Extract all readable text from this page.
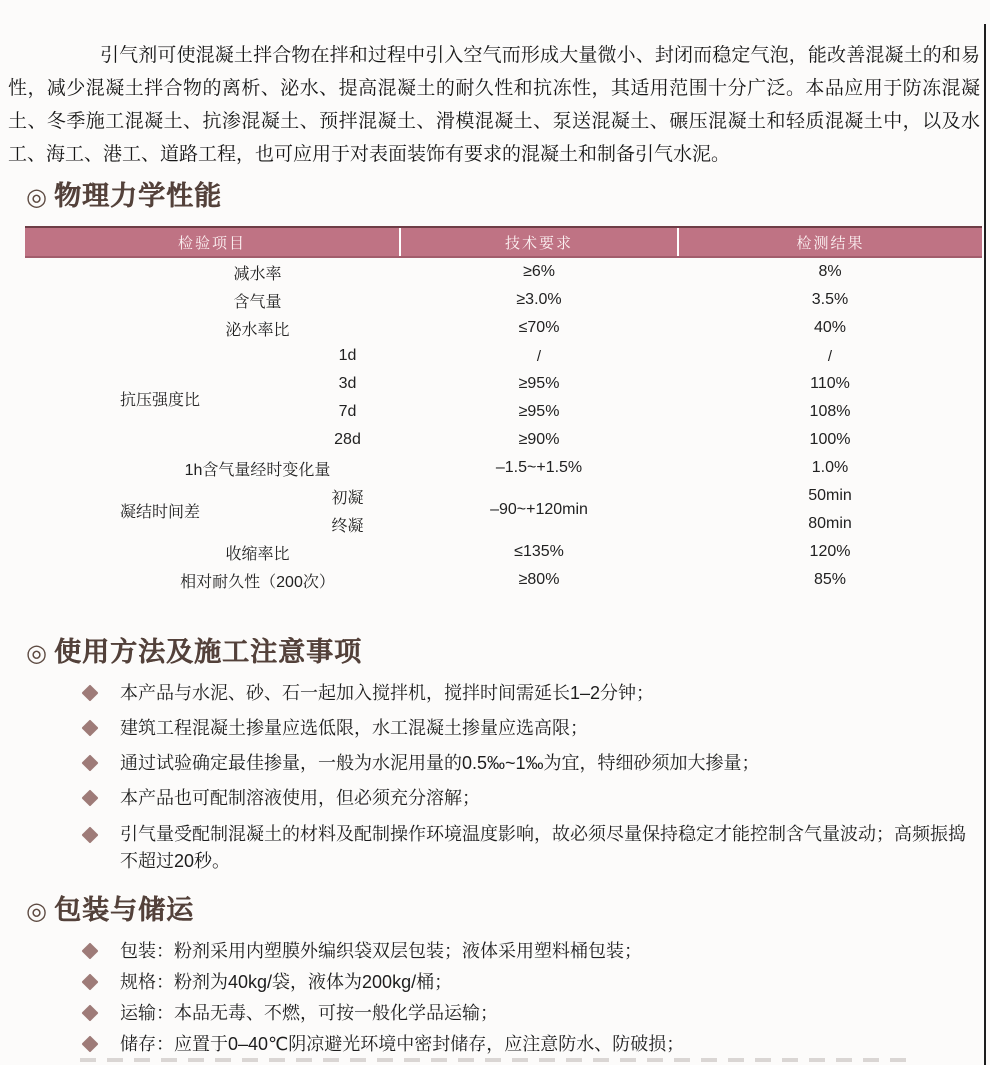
引气剂可使混凝土拌合物在拌和过程中引入空气而形成大量微小、封闭而稳定气泡，能改善混凝土的和易性，减少混凝土拌合物的离析、泌水、提高混凝土的耐久性和抗冻性，其适用范围十分广泛。本品应用于防冻混凝土、冬季施工混凝土、抗渗混凝土、预拌混凝土、滑模混凝土、泵送混凝土、碾压混凝土和轻质混凝土中，以及水工、海工、港工、道路工程，也可应用于对表面装饰有要求的混凝土和制备引气水泥。

◎ 物理力学性能
检验项目		技术要求	检测结果
减水率		≥6%	8%
含气量		≥3.0%	3.5%
泌水率比		≤70%	40%
抗压强度比	1d	/	/
	3d	≥95%	110%
	7d	≥95%	108%
	28d	≥90%	100%
1h含气量经时变化量		–1.5~+1.5%	1.0%
凝结时间差	初凝	–90~+120min	50min
	终凝		80min
收缩率比		≤135%	120%
相对耐久性（200次）		≥80%	85%
◎ 使用方法及施工注意事项
本产品与水泥、砂、石一起加入搅拌机，搅拌时间需延长1–2分钟；
建筑工程混凝土掺量应选低限，水工混凝土掺量应选高限；
通过试验确定最佳掺量，一般为水泥用量的0.5‰~1‰为宜，特细砂须加大掺量；
本产品也可配制溶液使用，但必须充分溶解；
引气量受配制混凝土的材料及配制操作环境温度影响，故必须尽量保持稳定才能控制含气量波动；高频振捣不超过20秒。
◎ 包装与储运
包装：粉剂采用内塑膜外编织袋双层包装；液体采用塑料桶包装；
规格：粉剂为40kg/袋，液体为200kg/桶；
运输：本品无毒、不燃，可按一般化学品运输；
储存：应置于0–40℃阴凉避光环境中密封储存，应注意防水、防破损；
